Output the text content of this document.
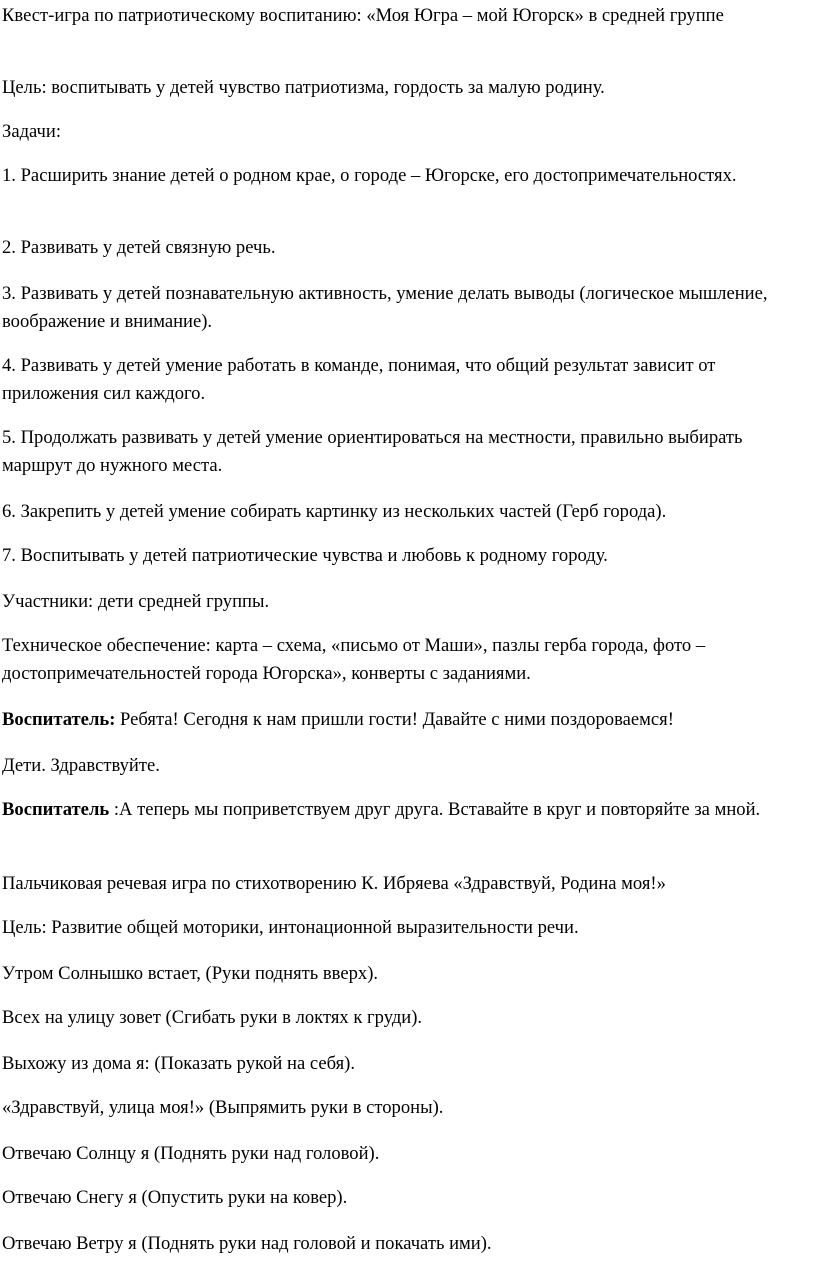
Квест-игра по патриотическому воспитанию: «Моя Югра – мой Югорск» в средней группе

Цель: воспитывать у детей чувство патриотизма, гордость за малую родину.

Задачи:

1. Расширить знание детей о родном крае, о городе – Югорске, его достопримечательностях.

2. Развивать у детей связную речь.

3. Развивать у детей познавательную активность, умение делать выводы (логическое мышление, воображение и внимание).

4. Развивать у детей умение работать в команде, понимая, что общий результат зависит от приложения сил каждого.

5. Продолжать развивать у детей умение ориентироваться на местности, правильно выбирать маршрут до нужного места.

6. Закрепить у детей умение собирать картинку из нескольких частей (Герб города).

7. Воспитывать у детей патриотические чувства и любовь к родному городу.

Участники: дети средней группы.

Техническое обеспечение: карта – схема, «письмо от Маши», пазлы герба города, фото – достопримечательностей города Югорска», конверты с заданиями.

Воспитатель: Ребята! Сегодня к нам пришли гости! Давайте с ними поздороваемся!

Дети. Здравствуйте.

Воспитатель :А теперь мы поприветствуем друг друга. Вставайте в круг и повторяйте за мной.

Пальчиковая речевая игра по стихотворению К. Ибряева «Здравствуй, Родина моя!»

Цель: Развитие общей моторики, интонационной выразительности речи.

Утром Солнышко встает, (Руки поднять вверх).

Всех на улицу зовет (Сгибать руки в локтях к груди).

Выхожу из дома я: (Показать рукой на себя).

«Здравствуй, улица моя!» (Выпрямить руки в стороны).

Отвечаю Солнцу я (Поднять руки над головой).

Отвечаю Снегу я (Опустить руки на ковер).

Отвечаю Ветру я (Поднять руки над головой и покачать ими).
